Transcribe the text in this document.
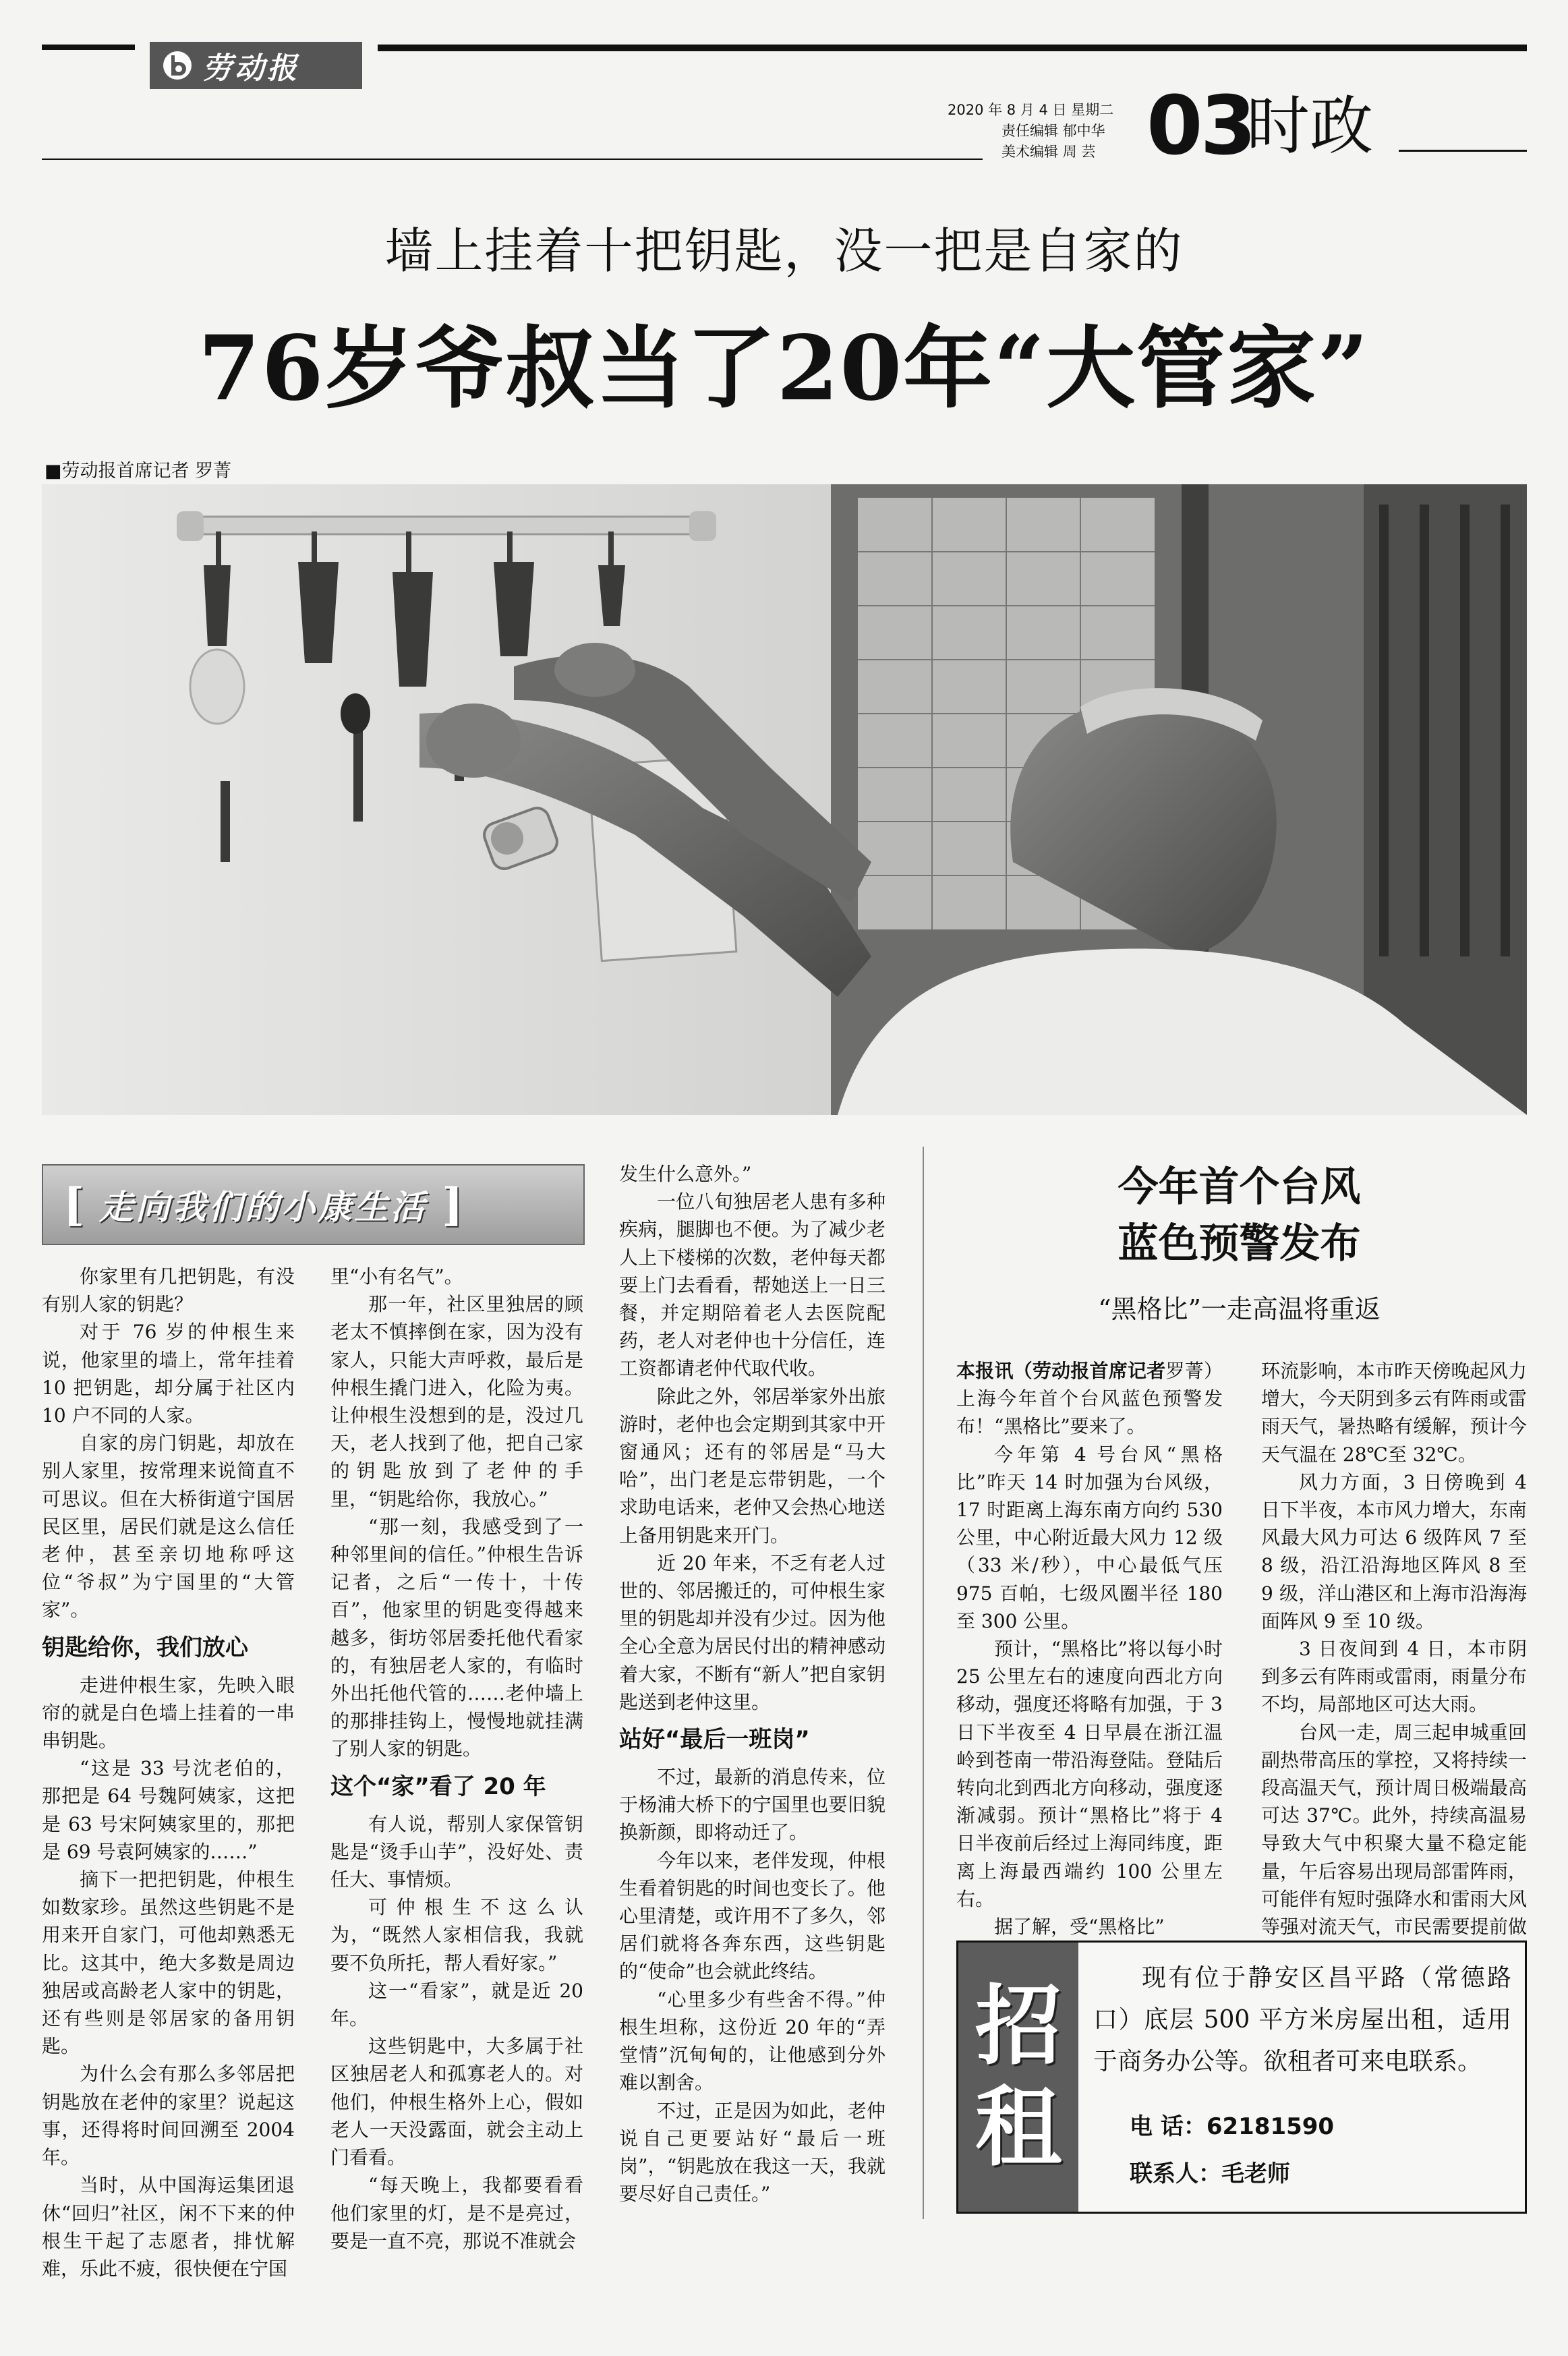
劳动报
2020 年 8 月 4 日 星期二
责任编辑 郁中华
美术编辑 周 芸 03
时政
墙上挂着十把钥匙，没一把是自家的
76岁爷叔当了20年“大管家”
■劳动报首席记者 罗菁
[ 走向我们的小康生活 ]

你家里有几把钥匙，有没有别人家的钥匙？

对于 76 岁的仲根生来说，他家里的墙上，常年挂着 10 把钥匙，却分属于社区内 10 户不同的人家。

自家的房门钥匙，却放在别人家里，按常理来说简直不可思议。但在大桥街道宁国居民区里，居民们就是这么信任老仲，甚至亲切地称呼这位“爷叔”为宁国里的“大管家”。

钥匙给你，我们放心

走进仲根生家，先映入眼帘的就是白色墙上挂着的一串串钥匙。

“这是 33 号沈老伯的，那把是 64 号魏阿姨家，这把是 63 号宋阿姨家里的，那把是 69 号袁阿姨家的……”

摘下一把把钥匙，仲根生如数家珍。虽然这些钥匙不是用来开自家门，可他却熟悉无比。这其中，绝大多数是周边独居或高龄老人家中的钥匙，还有些则是邻居家的备用钥匙。

为什么会有那么多邻居把钥匙放在老仲的家里？说起这事，还得将时间回溯至 2004 年。

当时，从中国海运集团退休“回归”社区，闲不下来的仲根生干起了志愿者，排忧解难，乐此不疲，很快便在宁国

里“小有名气”。

那一年，社区里独居的顾老太不慎摔倒在家，因为没有家人，只能大声呼救，最后是仲根生撬门进入，化险为夷。让仲根生没想到的是，没过几天，老人找到了他，把自己家的钥匙放到了老仲的手里，“钥匙给你，我放心。”

“那一刻，我感受到了一种邻里间的信任。”仲根生告诉记者，之后“一传十，十传百”，他家里的钥匙变得越来越多，街坊邻居委托他代看家的，有独居老人家的，有临时外出托他代管的……老仲墙上的那排挂钩上，慢慢地就挂满了别人家的钥匙。

这个“家”看了 20 年

有人说，帮别人家保管钥匙是“烫手山芋”，没好处、责任大、事情烦。

可仲根生不这么认为，“既然人家相信我，我就要不负所托，帮人看好家。”

这一“看家”，就是近 20 年。

这些钥匙中，大多属于社区独居老人和孤寡老人的。对他们，仲根生格外上心，假如老人一天没露面，就会主动上门看看。

“每天晚上，我都要看看他们家里的灯，是不是亮过，要是一直不亮，那说不准就会

发生什么意外。”

一位八旬独居老人患有多种疾病，腿脚也不便。为了减少老人上下楼梯的次数，老仲每天都要上门去看看，帮她送上一日三餐，并定期陪着老人去医院配药，老人对老仲也十分信任，连工资都请老仲代取代收。

除此之外，邻居举家外出旅游时，老仲也会定期到其家中开窗通风；还有的邻居是“马大哈”，出门老是忘带钥匙，一个求助电话来，老仲又会热心地送上备用钥匙来开门。

近 20 年来，不乏有老人过世的、邻居搬迁的，可仲根生家里的钥匙却并没有少过。因为他全心全意为居民付出的精神感动着大家，不断有“新人”把自家钥匙送到老仲这里。

站好“最后一班岗”

不过，最新的消息传来，位于杨浦大桥下的宁国里也要旧貌换新颜，即将动迁了。

今年以来，老伴发现，仲根生看着钥匙的时间也变长了。他心里清楚，或许用不了多久，邻居们就将各奔东西，这些钥匙的“使命”也会就此终结。

“心里多少有些舍不得。”仲根生坦称，这份近 20 年的“弄堂情”沉甸甸的，让他感到分外难以割舍。

不过，正是因为如此，老仲说自己更要站好“最后一班岗”，“钥匙放在我这一天，我就要尽好自己责任。”

今年首个台风
蓝色预警发布
“黑格比”一走高温将重返

本报讯（劳动报首席记者罗菁）上海今年首个台风蓝色预警发布！“黑格比”要来了。

今年第 4 号台风“黑格比”昨天 14 时加强为台风级，17 时距离上海东南方向约 530 公里，中心附近最大风力 12 级（33 米/秒），中心最低气压 975 百帕，七级风圈半径 180 至 300 公里。

预计，“黑格比”将以每小时 25 公里左右的速度向西北方向移动，强度还将略有加强，于 3 日下半夜至 4 日早晨在浙江温岭到苍南一带沿海登陆。登陆后转向北到西北方向移动，强度逐渐减弱。预计“黑格比”将于 4 日半夜前后经过上海同纬度，距离上海最西端约 100 公里左右。

据了解，受“黑格比”

环流影响，本市昨天傍晚起风力增大，今天阴到多云有阵雨或雷雨天气，暑热略有缓解，预计今天气温在 28℃至 32℃。

风力方面，3 日傍晚到 4 日下半夜，本市风力增大，东南风最大风力可达 6 级阵风 7 至 8 级，沿江沿海地区阵风 8 至 9 级，洋山港区和上海市沿海海面阵风 9 至 10 级。

3 日夜间到 4 日，本市阴到多云有阵雨或雷雨，雨量分布不均，局部地区可达大雨。

台风一走，周三起申城重回副热带高压的掌控，又将持续一段高温天气，预计周日极端最高可达 37℃。此外，持续高温易导致大气中积聚大量不稳定能量，午后容易出现局部雷阵雨，可能伴有短时强降水和雷雨大风等强对流天气，市民需要提前做

招
租
现有位于静安区昌平路（常德路口）底层 500 平方米房屋出租，适用于商务办公等。欲租者可来电联系。
电 话：62181590
联系人：毛老师
